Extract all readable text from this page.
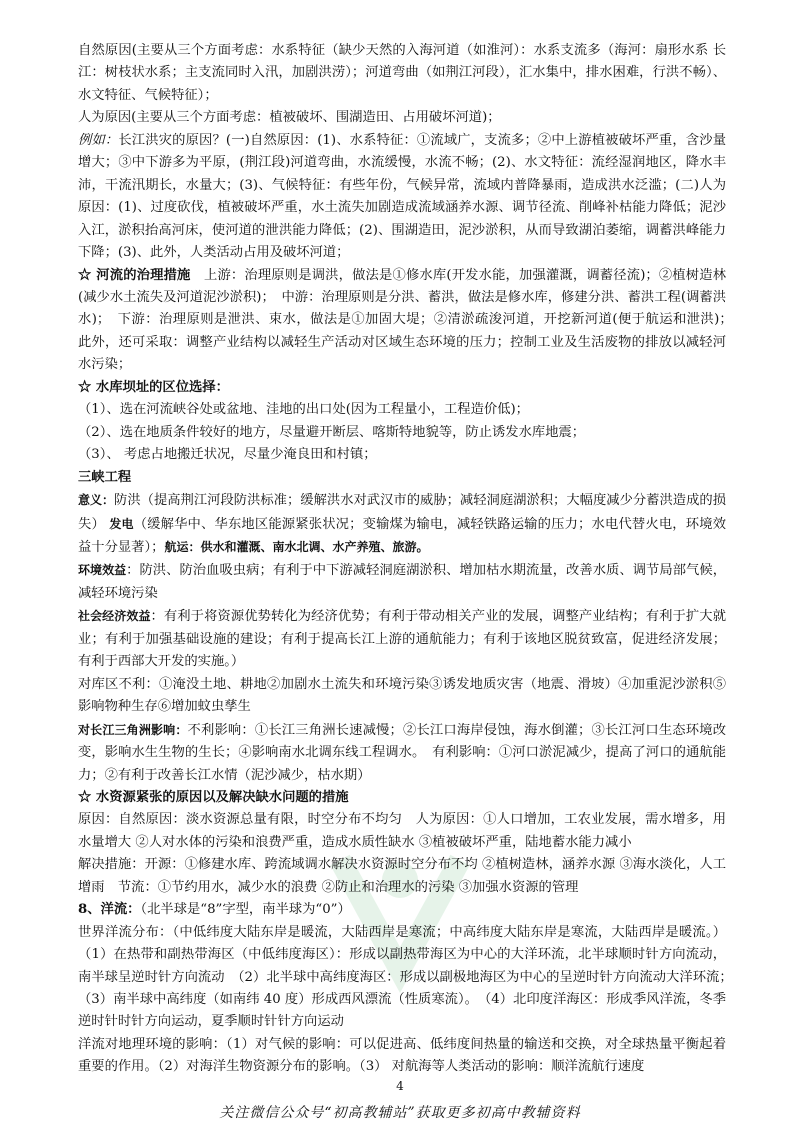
自然原因(主要从三个方面考虑：水系特征（缺少天然的入海河道（如淮河）：水系支流多（海河：扇形水系 长江：树枝状水系；主支流同时入汛，加剧洪涝）；河道弯曲（如荆江河段），汇水集中，排水困难，行洪不畅）、水文特征、气候特征）；

人为原因(主要从三个方面考虑：植被破坏、围湖造田、占用破坏河道)；

例如：长江洪灾的原因？(一)自然原因：(1)、水系特征：①流域广，支流多；②中上游植被破坏严重，含沙量增大；③中下游多为平原，(荆江段)河道弯曲，水流缓慢，水流不畅；(2)、水文特征：流经湿润地区，降水丰沛，干流汛期长，水量大；(3)、气候特征：有些年份，气候异常，流域内普降暴雨，造成洪水泛滥；(二)人为原因：(1)、过度砍伐，植被破坏严重，水土流失加剧造成流域涵养水源、调节径流、削峰补枯能力降低；泥沙入江，淤积抬高河床，使河道的泄洪能力降低；(2)、围湖造田，泥沙淤积，从而导致湖泊萎缩，调蓄洪峰能力下降；(3)、此外，人类活动占用及破坏河道；

☆ 河流的治理措施　 上游：治理原则是调洪，做法是①修水库(开发水能，加强灌溉，调蓄径流)；②植树造林(减少水土流失及河道泥沙淤积)；　中游：治理原则是分洪、蓄洪，做法是修水库，修建分洪、蓄洪工程(调蓄洪水)；　下游：治理原则是泄洪、束水，做法是①加固大堤；②清淤疏浚河道，开挖新河道(便于航运和泄洪)；　此外，还可采取：调整产业结构以减轻生产活动对区域生态环境的压力；控制工业及生活废物的排放以减轻河水污染；

☆ 水库坝址的区位选择：

（1）、选在河流峡谷处或盆地、洼地的出口处(因为工程量小，工程造价低)；

（2）、选在地质条件较好的地方，尽量避开断层、喀斯特地貌等，防止诱发水库地震；

（3）、 考虑占地搬迁状况，尽量少淹良田和村镇；

三峡工程

意义：防洪（提高荆江河段防洪标准；缓解洪水对武汉市的威胁；减轻洞庭湖淤积；大幅度减少分蓄洪造成的损失） 发电（缓解华中、华东地区能源紧张状况；变输煤为输电，减轻铁路运输的压力；水电代替火电，环境效益十分显著）；航运：供水和灌溉、南水北调、水产养殖、旅游。

环境效益：防洪、防治血吸虫病；有利于中下游减轻洞庭湖淤积、增加枯水期流量，改善水质、调节局部气候，减轻环境污染

社会经济效益：有利于将资源优势转化为经济优势；有利于带动相关产业的发展，调整产业结构；有利于扩大就业；有利于加强基础设施的建设；有利于提高长江上游的通航能力；有利于该地区脱贫致富，促进经济发展；有利于西部大开发的实施。）

对库区不利：①淹没土地、耕地②加剧水土流失和环境污染③诱发地质灾害（地震、滑坡）④加重泥沙淤积⑤影响物种生存⑥增加蚊虫孳生

对长江三角洲影响：不利影响：①长江三角洲长速减慢；②长江口海岸侵蚀，海水倒灌；③长江河口生态环境改变，影响水生生物的生长；④影响南水北调东线工程调水。　有利影响：①河口淤泥减少，提高了河口的通航能力；②有利于改善长江水情（泥沙减少，枯水期）

☆ 水资源紧张的原因以及解决缺水问题的措施

原因：自然原因：淡水资源总量有限，时空分布不均匀　人为原因：①人口增加，工农业发展，需水增多，用水量增大 ②人对水体的污染和浪费严重，造成水质性缺水 ③植被破坏严重，陆地蓄水能力减小

解决措施：开源：①修建水库、跨流域调水解决水资源时空分布不均 ②植树造林，涵养水源 ③海水淡化，人工增雨　节流：①节约用水，减少水的浪费 ②防止和治理水的污染 ③加强水资源的管理

8、洋流：（北半球是“8”字型，南半球为“0”）

世界洋流分布：（中低纬度大陆东岸是暖流，大陆西岸是寒流；中高纬度大陆东岸是寒流，大陆西岸是暖流。）（1）在热带和副热带海区（中低纬度海区）：形成以副热带海区为中心的大洋环流，北半球顺时针方向流动，南半球呈逆时针方向流动　（2）北半球中高纬度海区：形成以副极地海区为中心的呈逆时针方向流动大洋环流；　（3）南半球中高纬度（如南纬 40 度）形成西风漂流（性质寒流）。　（4）北印度洋海区：形成季风洋流，冬季逆时针时针方向运动，夏季顺时针针方向运动

洋流对地理环境的影响：（1）对气候的影响：可以促进高、低纬度间热量的输送和交换，对全球热量平衡起着重要的作用。（2）对海洋生物资源分布的影响。（3） 对航海等人类活动的影响：顺洋流航行速度

4
关注微信公众号“初高教辅站”获取更多初高中教辅资料
